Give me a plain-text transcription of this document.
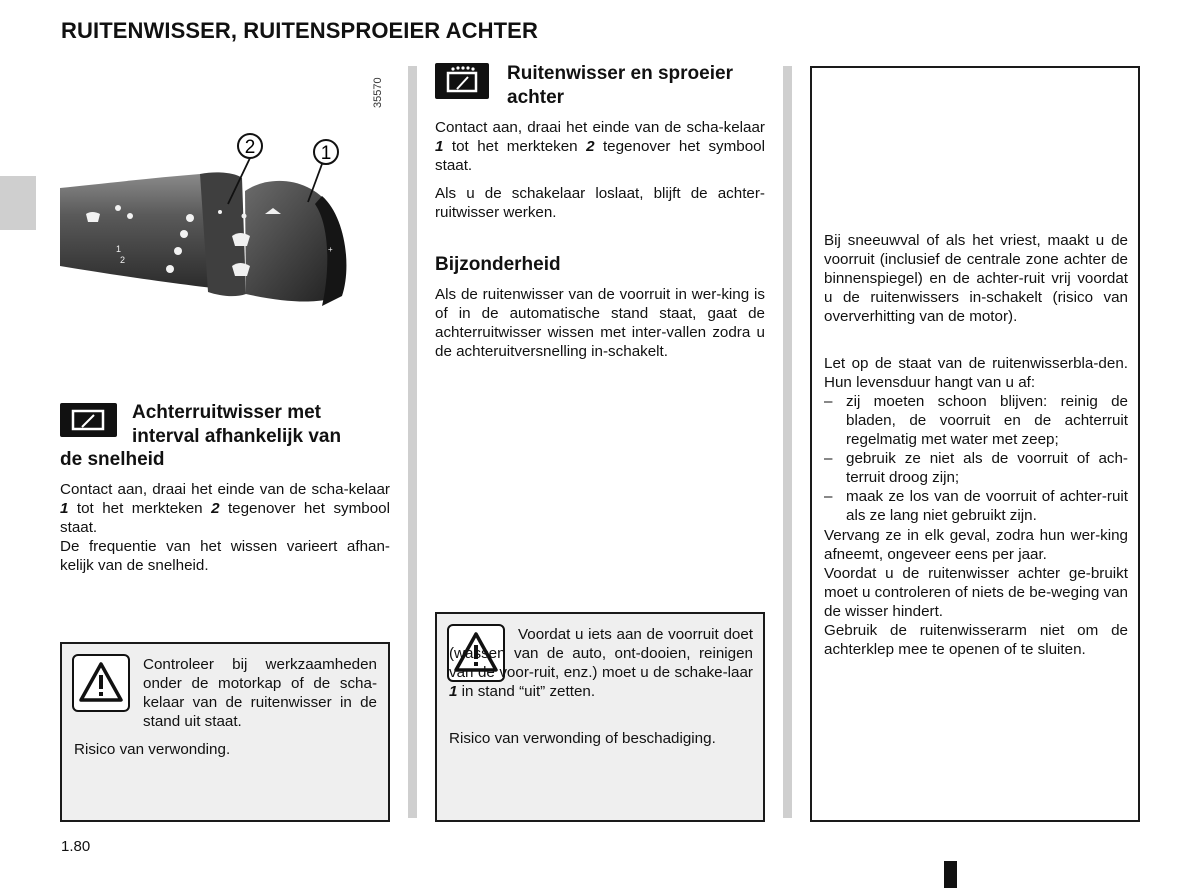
RUITENWISSER, RUITENSPROEIER ACHTER
1
2
+
2	1
35570
Achterruitwisser met
interval afhankelijk van
de snelheid
Contact aan, draai het einde van de scha-kelaar 1 tot het merkteken 2 tegenover het symbool staat.
De frequentie van het wissen varieert afhan-kelijk van de snelheid.
Controleer bij werkzaamheden onder de motorkap of de scha-kelaar van de ruitenwisser in de stand uit staat.
Risico van verwonding.
Ruitenwisser en sproeier
achter
Contact aan, draai het einde van de scha-kelaar 1 tot het merkteken 2 tegenover het symbool staat.
Als u de schakelaar loslaat, blijft de achter-ruitwisser werken.
Bijzonderheid
Als de ruitenwisser van de voorruit in wer-king is of in de automatische stand staat, gaat de achterruitwisser wissen met inter-vallen zodra u de achteruitversnelling in-schakelt.
Voordat u iets aan de voorruit doet (wassen van de auto, ont-dooien, reinigen van de voor-ruit, enz.) moet u de schake-laar 1 in stand “uit” zetten.
Risico van verwonding of beschadiging.
Bij sneeuwval of als het vriest, maakt u de voorruit (inclusief de centrale zone achter de binnenspiegel) en de achter-ruit vrij voordat u de ruitenwissers in-schakelt (risico van oververhitting van de motor).
Let op de staat van de ruitenwisserbla-den. Hun levensduur hangt van u af:
– zij moeten schoon blijven: reinig de bladen, de voorruit en de achterruit regelmatig met water met zeep;
– gebruik ze niet als de voorruit of ach-terruit droog zijn;
– maak ze los van de voorruit of achter-ruit als ze lang niet gebruikt zijn.
Vervang ze in elk geval, zodra hun wer-king afneemt, ongeveer eens per jaar.
Voordat u de ruitenwisser achter ge-bruikt moet u controleren of niets de be-weging van de wisser hindert.
Gebruik de ruitenwisserarm niet om de achterklep mee te openen of te sluiten.
1.80
